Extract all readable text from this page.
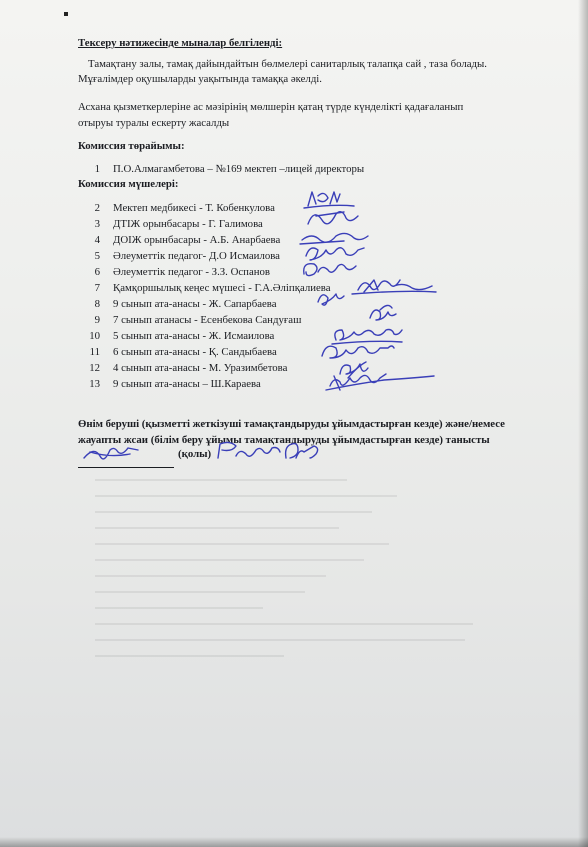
Тексеру нәтижесінде мыналар белгіленді:
Тамақтану залы, тамақ дайындайтын бөлмелері санитарлық талапқа сай , таза болады.
Мұғалімдер оқушыларды уақытында тамаққа әкелді.
Асхана қызметкерлеріне ас мәзірінің мөлшерін қатаң түрде күнделікті қадағаланып
отыруы туралы ескерту жасалды
Комиссия төрайымы:
1 П.О.Алмагамбетова – №169 мектеп –лицей директоры
Комиссия мүшелері:
2 Мектеп медбикесі - Т. Кобенкулова
3 ДТІЖ орынбасары - Г. Галимова
4 ДОІЖ орынбасары - А.Б. Анарбаева
5 Әлеуметтік педагог- Д.О Исмаилова
6 Әлеуметтік педагог - З.З. Оспанов
7 Қамқоршылық кеңес мүшесі - Г.А.Әліпқалиева
8 9 сынып ата-анасы - Ж. Сапарбаева
9 7 сынып атанасы - Есенбекова Сандуғаш
10 5 сынып ата-анасы - Ж. Исмаилова
11 6 сынып ата-анасы - Қ. Сандыбаева
12 4 сынып ата-анасы - М. Уразимбетова
13 9 сынып ата-анасы – Ш.Караева
Өнім беруші (қызметті жеткізуші тамақтандыруды ұйымдастырған кезде) және/немесе
жауапты жсаи (білім беру ұйымы тамақтандыруды ұйымдастырған кезде) танысты
(қолы)
